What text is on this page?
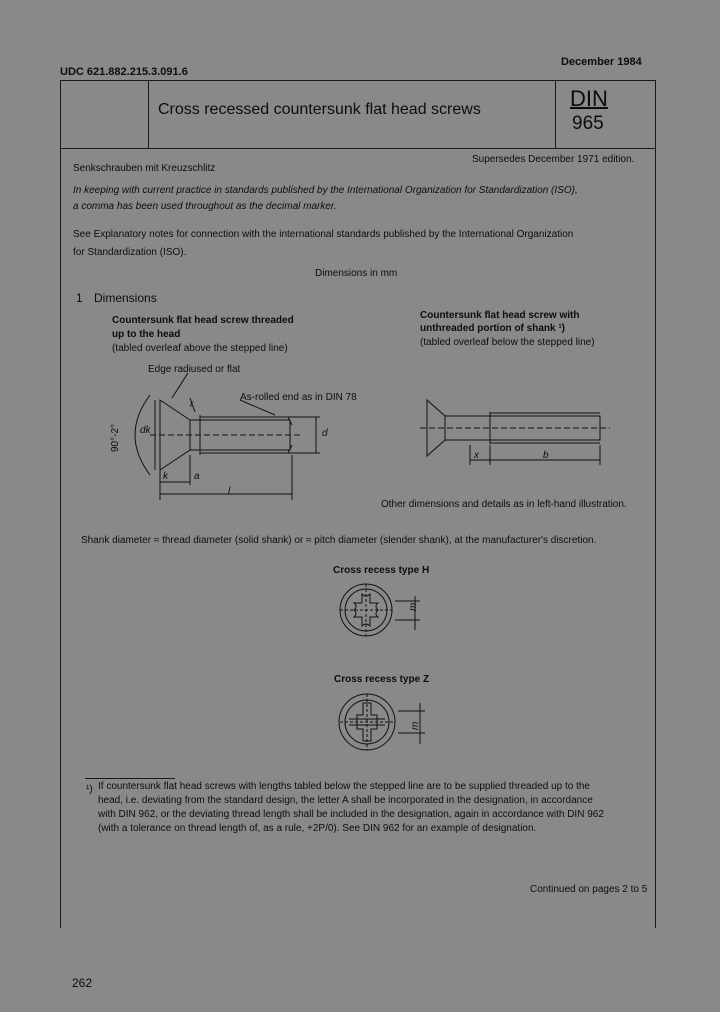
UDC 621.882.215.3.091.6
December 1984
Cross recessed countersunk flat head screws	DIN
965
Senkschrauben mit Kreuzschlitz
Supersedes December 1971 edition.
In keeping with current practice in standards published by the International Organization for Standardization (ISO),
a comma has been used throughout as the decimal marker.
See Explanatory notes for connection with the international standards published by the International Organization
for Standardization (ISO).
Dimensions in mm
1 Dimensions
Countersunk flat head screw threaded
up to the head
(tabled overleaf above the stepped line)
Countersunk flat head screw with
unthreaded portion of shank ¹)
(tabled overleaf below the stepped line)
Edge radiused or flat
As-rolled end as in DIN 78
90°-2° dk
r
d
k	a
l
x	b
Other dimensions and details as in left-hand illustration.
Shank diameter ≈ thread diameter (solid shank) or ≈ pitch diameter (slender shank), at the manufacturer's discretion.
Cross recess type H
m
Cross recess type Z
m
¹) If countersunk flat head screws with lengths tabled below the stepped line are to be supplied threaded up to the
head, i.e. deviating from the standard design, the letter A shall be incorporated in the designation, in accordance
with DIN 962, or the deviating thread length shall be included in the designation, again in accordance with DIN 962
(with a tolerance on thread length of, as a rule, +2P/0). See DIN 962 for an example of designation.
Continued on pages 2 to 5
262
